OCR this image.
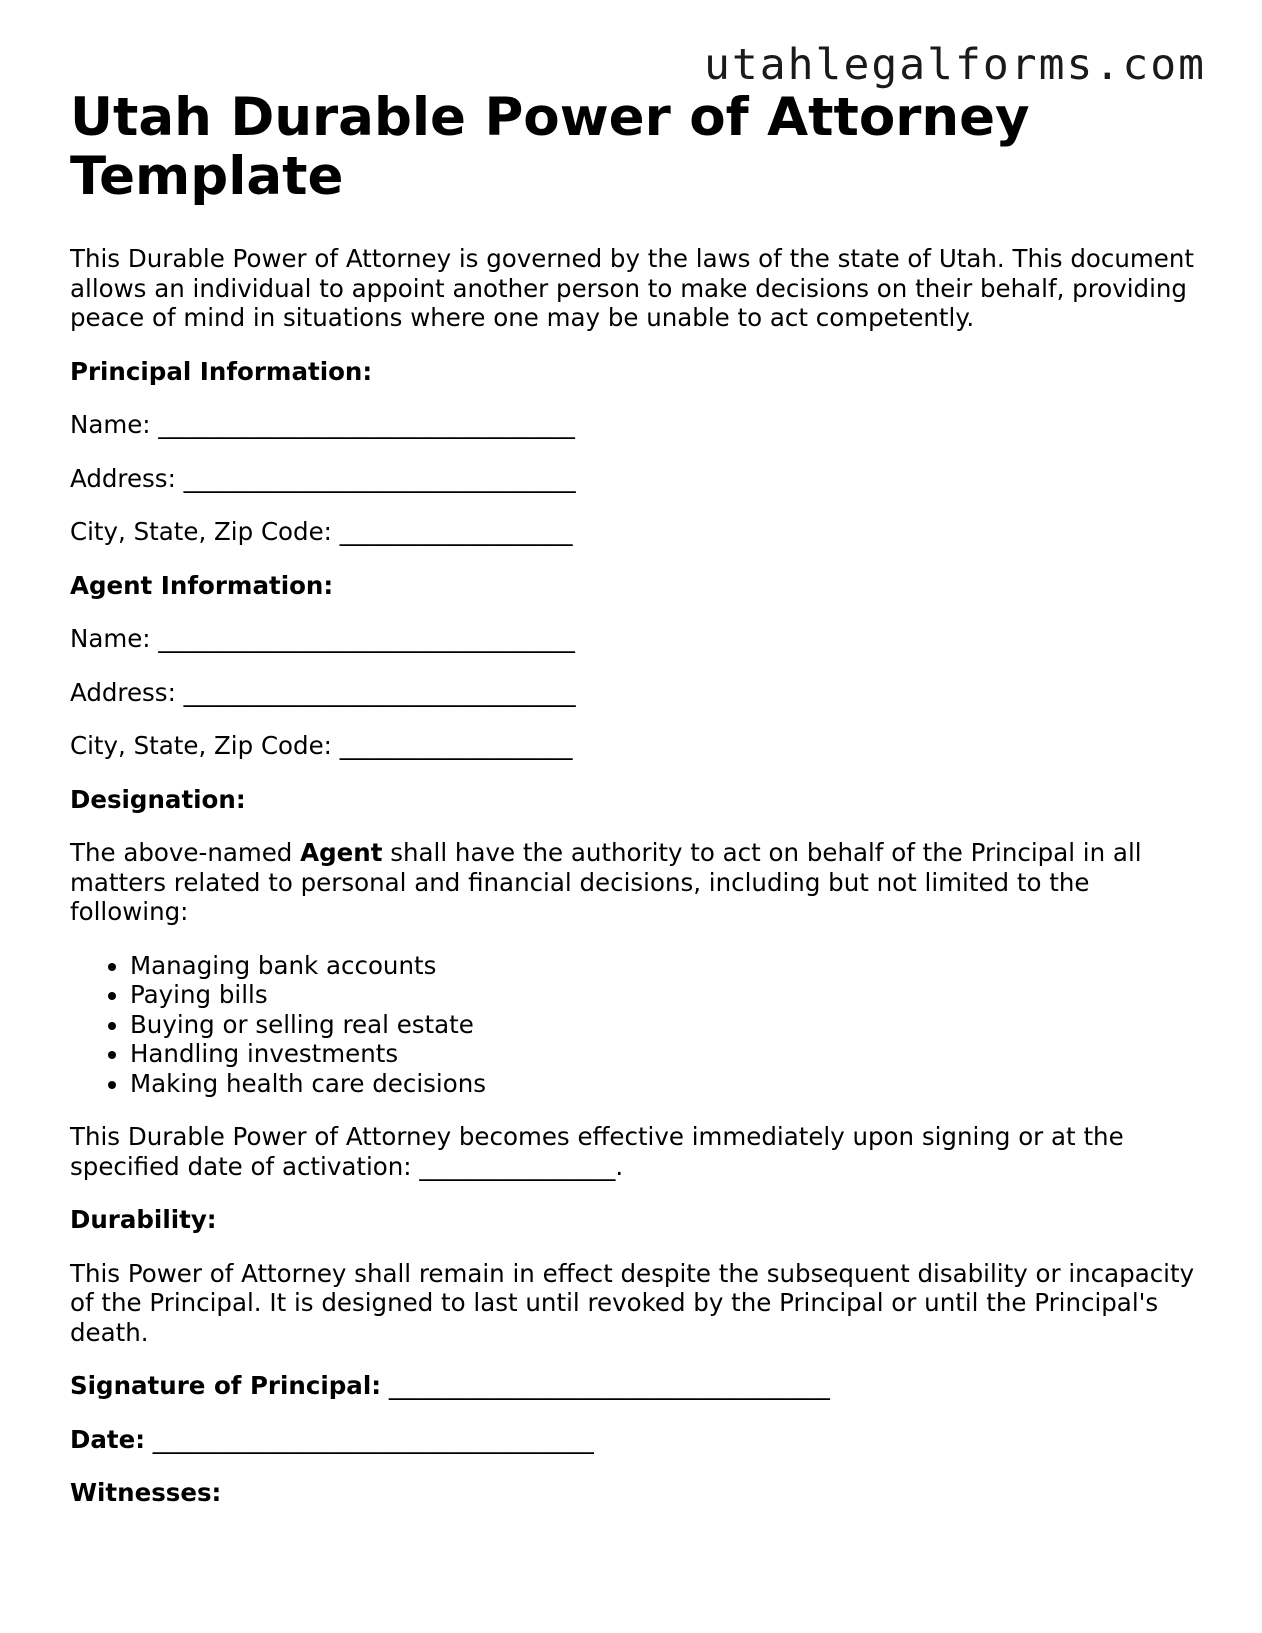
utahlegalforms.com
Utah Durable Power of Attorney Template

This Durable Power of Attorney is governed by the laws of the state of Utah. This document allows an individual to appoint another person to make decisions on their behalf, providing peace of mind in situations where one may be unable to act competently.

Principal Information:

Name: __________________________________

Address: ________________________________

City, State, Zip Code: ___________________

Agent Information:

Name: __________________________________

Address: ________________________________

City, State, Zip Code: ___________________

Designation:

The above-named Agent shall have the authority to act on behalf of the Principal in all matters related to personal and financial decisions, including but not limited to the following:

• Managing bank accounts
• Paying bills
• Buying or selling real estate
• Handling investments
• Making health care decisions

This Durable Power of Attorney becomes effective immediately upon signing or at the specified date of activation: ________________.

Durability:

This Power of Attorney shall remain in effect despite the subsequent disability or incapacity of the Principal. It is designed to last until revoked by the Principal or until the Principal's death.

Signature of Principal: ____________________________________

Date: ____________________________________

Witnesses:
